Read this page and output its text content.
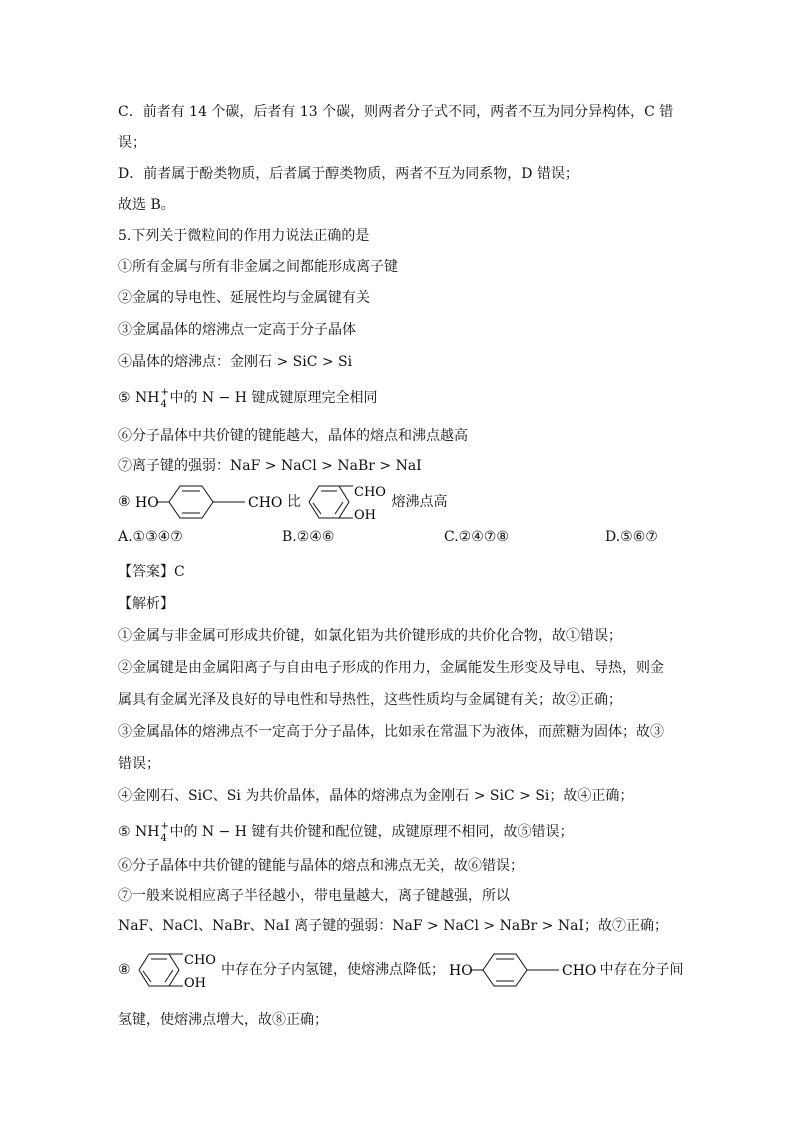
C．前者有 14 个碳，后者有 13 个碳，则两者分子式不同，两者不互为同分异构体，C 错
误；
D．前者属于酚类物质，后者属于醇类物质，两者不互为同系物，D 错误；
故选 B。
5.下列关于微粒间的作用力说法正确的是
①所有金属与所有非金属之间都能形成离子键
②金属的导电性、延展性均与金属键有关
③金属晶体的熔沸点一定高于分子晶体
④晶体的熔沸点：金刚石 > SiC > Si
⑤ NH +
4 中的 N − H 键成键原理完全相同
⑥分子晶体中共价键的键能越大，晶体的熔点和沸点越高
⑦离子键的强弱：NaF > NaCl > NaBr > NaI
⑧ HO	CHO 比
CHO
OH
熔沸点高
A.①③④⑦	B.②④⑥	C.②④⑦⑧	D.⑤⑥⑦
【答案】C
【解析】
①金属与非金属可形成共价键，如氯化铝为共价键形成的共价化合物，故①错误；
②金属键是由金属阳离子与自由电子形成的作用力，金属能发生形变及导电、导热，则金
属具有金属光泽及良好的导电性和导热性，这些性质均与金属键有关；故②正确；
③金属晶体的熔沸点不一定高于分子晶体，比如汞在常温下为液体，而蔗糖为固体；故③
错误；
④金刚石、SiC、Si 为共价晶体，晶体的熔沸点为金刚石 > SiC > Si；故④正确；
⑤ NH +
4 中的 N − H 键有共价键和配位键，成键原理不相同，故⑤错误；
⑥分子晶体中共价键的键能与晶体的熔点和沸点无关，故⑥错误；
⑦一般来说相应离子半径越小，带电量越大，离子键越强，所以
NaF、NaCl、NaBr、NaI 离子键的强弱：NaF > NaCl > NaBr > NaI；故⑦正确；
⑧
CHO
OH
中存在分子内氢键，使熔沸点降低； HO	CHO 中存在分子间
氢键，使熔沸点增大，故⑧正确；
